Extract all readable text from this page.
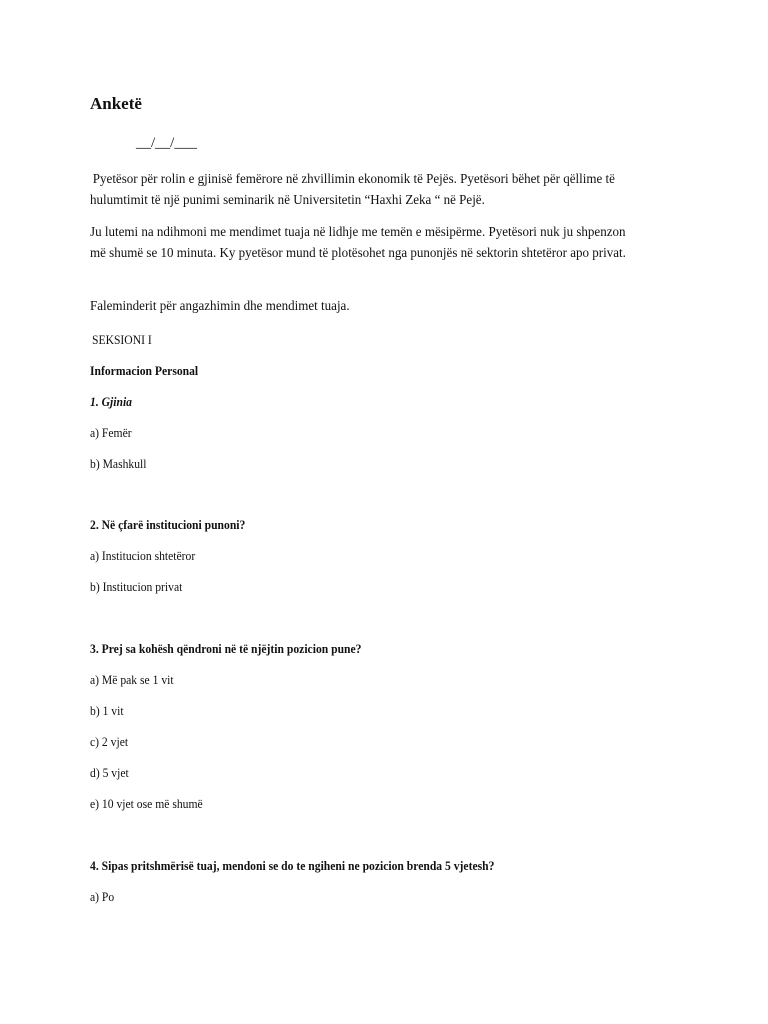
Anketë
__/__/___
Pyetësor për rolin e gjinisë femërore në zhvillimin ekonomik të Pejës. Pyetësori bëhet për qëllime të hulumtimit të një punimi seminarik në Universitetin “Haxhi Zeka “ në Pejë.
Ju lutemi na ndihmoni me mendimet tuaja në lidhje me temën e mësipërme. Pyetësori nuk ju shpenzon më shumë se 10 minuta. Ky pyetësor mund të plotësohet nga punonjës në sektorin shtetëror apo privat.
Faleminderit për angazhimin dhe mendimet tuaja.
SEKSIONI I
Informacion Personal
1. Gjinia
a) Femër
b) Mashkull
2. Në çfarë institucioni punoni?
a) Institucion shtetëror
b) Institucion privat
3. Prej sa kohësh qëndroni në të njëjtin pozicion pune?
a) Më pak se 1 vit
b) 1 vit
c) 2 vjet
d) 5 vjet
e) 10 vjet ose më shumë
4. Sipas pritshmërisë tuaj, mendoni se do te ngiheni ne pozicion brenda 5 vjetesh?
a) Po
